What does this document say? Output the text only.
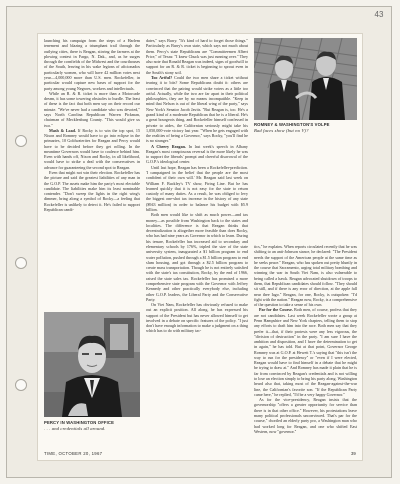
43

launching his campaign from the steps of a Harlem tenement and blazing a triumphant trail through the outlying cities, there is Reagan, stirring the farmers at the plowing contest in Fargo, N. Dak., and, as he surges through the cornfields of the Midwest and the courthouses of the South, leaving in his wake legions of aficionados particularly women, who will have 42 million votes next year—4,000,000 more than U.S. men. Rockefeller, in particular would capture new bases of support for the party among young Negroes, workers and intellectuals.

While an R. & R. ticket is more than a Motorcade dream, it has some towering obstacles to hurdle. The least of these is the fact that both men say on their record our minute. "We've never had a candidate who was devoted," says North Carolina Republican Warren Pickman, chairman of Mecklenburg County. "This would give us two."

Mash & Load. If Rocky is to win the top spot, 15 Nixon and Romney would have to go into eclipse in the primaries, 10 Goldwaterites for Reagan and Percy would have to be decided before they get rolling. In the meantime Governors would have to coalesce behind him. Even with hands off, Nixon and Rocky, in all likelihood, would have to strike a deal with the conservatives in advance for guaranteeing the second spot to Reagan.

Even that might not win their election. Rockefeller has the picture and said the greatest liabilities of any man in the G.O.P. The assets make him the party's most electable candidate. The liabilities make him its least nominable contender. "Don't sweep the lights in the right wing's dimmer, bring along a symbol of Rocky—a feeling that Rockefeller is unlikely to detect it. He's failed to support Republican candi-

PERCY IN WASHINGTON OFFICE
. . . and credentials all around.

dates," says Barry. "It's kind of hard to forget those things." Particularly as Barry's own state, which says not much about them. Percy's state Republicans are "Committeemen Albert Price," of Texas: "I knew Chuck was just running over." They also note that Ronald Reagan was indeed, signs of goodwill to support for an R. & R. ticket is beginning to sprout even in the South's stony soil.

Too Artful? Could the two men share a ticket without tearing it to bits? Some Republicans doubt it: others are convinced that the pairing would strike voters as a little too artful. Actually, while the two are far apart in their political philosophies, they are by no means incompatible. "Keep in mind that Nelson is out of the liberal wing of the party," says New York's Senator Jacob Javits. "But Reagan is, too. He's a grand kind of a moderate Republican that he is a liberal. He's a great bourgeois thing, and Rockefeller himself confessed in private to aides, the Californian seriously might take his 1,050,000-vote victory last year. "When he gets engaged with the realities of being a Governor," says Rocky, "you'll find he is no stranger."

A Cheery Reagan. In last week's speech in Albany Reagan's most conspicuous reversal is the more likely he was to support the liberals' prompt and cheerful disavowal of the G.O.P.'s ideological center.

Until last hope, Reagan has been a Rockefeller-prediction. 'I campaigned in the belief that the people are the most confident of their own will.' Mr. Reagan said last week on William F. Buckley's TV show, Firing Line. But he has learned quickly that it is not easy for the state to return custody of many duties. As a result, he was obliged to levy the biggest one-shot tax increase in the history of any state ($943 million) in order to balance his budget with $5.9 billion.

Both men would like to shift as much power—and tax money—as possible from Washington back to the states and localities. The difference is that Reagan thinks that decentralization is altogether more feasible than does Rocky, who has had nine years as Governor in which to learn. During his tenure, Rockefeller has increased aid to secondary and elementary schools by 176%, tripled the size of the state university system, inaugurated a $1 billion program to end water pollution, pushed through a $1.5 billion program to end slum housing, and got through a $2.5 billion program to create mass transportation. Though he is not entirely satisfied with the state's tax constitution, Rocky, by the end of 1966, raised the state sales tax. Rockefeller has promised a more comprehensive state program with the Governor with Jeffrey Kennedy and other practically everybody else, including other G.O.P. leaders, the Liberal Party and the Conservative Party.

On Viet Nam, Rockefeller has obviously refused to make out an explicit position. All along, he has expressed his support of the President but has never allowed himself to get involved in a debate on specific features of the policy. "I just don't have enough information to make a judgment on a thing which has to do with military tac-

ROMNEY & WASHINGTON'S VOLPE
Bad faces show (but no V)?

tics," he explains. When reports circulated recently that he was shifting to an anti-Johnson stance, he declared: "The President needs the support of the American people at the same time as he seeks peace." Reagan, who has spoken out pretty bluntly in the course that Sacramento, urging total military bombing and winning the war in South Viet Nam, is also vulnerable to being called a hawk. Reagan advocated shutdown of troops to them, that Republican candidates should follow. "They should sit still, and if there is any error of direction, at the apple fall near thee Iago." Reagan, for one, Rocky, is outspoken: "I'd fight with the nation." Reagan now, Rocky, is a comprehensive of the question to take a sense of his own.

Par for the Course. Both men, of course, profess that they are not candidates. Last week Rockefeller wrote a group at Penn Hampshire and New York chapters, telling them to stop any efforts to draft him into the race. Both men say that they prefer it—that, if their protests were any less vigorous, the "division of destruction" in the party. "I am sure I have the ambition and disposition, and I have the determination to get in again," he has told. But at that point, Governor George Romney was at G.O.P. at Hewett T.'s saying that "this isn't the way to run for the presidency" or "even if I were elected, Reagan would have to find himself in a debate that he might be trying to draw at." And Romney has made it plain that he is far from convinced by Reagan's credentials and is not willing to lose an election simply to bring his party along. Washington heard also that, taking most of the Reagan-against-the-war line, the Californian's favorite son. "If the Republican Party came here," he replied, "I'd be a very happy Governor."

As for the vice-presidency, Reagan insists that the governorship "offers a greater opportunity for service than there is in that other office." However, his protestations leave many political professionals unconvinced. That's par for the course," chortled an elderly party pro, a Washington man who had worked long for Reagan, and one who shifted East Western, now "governor."

TIME, OCTOBER 20, 1967	39
